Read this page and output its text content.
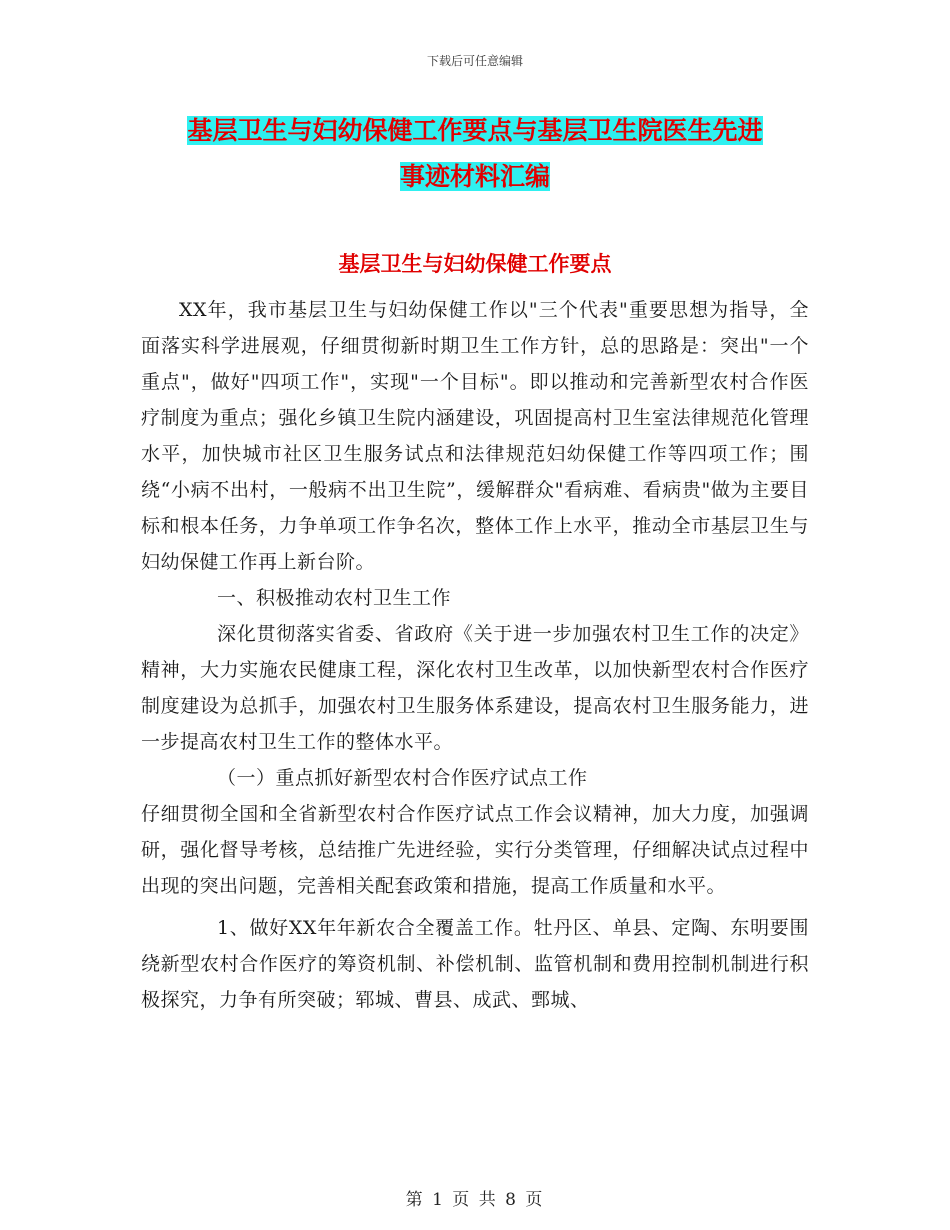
下载后可任意编辑
基层卫生与妇幼保健工作要点与基层卫生院医生先进
事迹材料汇编
基层卫生与妇幼保健工作要点

XX年，我市基层卫生与妇幼保健工作以"三个代表"重要思想为指导，全面落实科学进展观，仔细贯彻新时期卫生工作方针，总的思路是：突出"一个重点"，做好"四项工作"，实现"一个目标"。即以推动和完善新型农村合作医疗制度为重点；强化乡镇卫生院内涵建设，巩固提高村卫生室法律规范化管理水平，加快城市社区卫生服务试点和法律规范妇幼保健工作等四项工作；围绕“小病不出村，一般病不出卫生院”，缓解群众"看病难、看病贵"做为主要目标和根本任务，力争单项工作争名次，整体工作上水平，推动全市基层卫生与妇幼保健工作再上新台阶。

一、积极推动农村卫生工作

深化贯彻落实省委、省政府《关于进一步加强农村卫生工作的决定》精神，大力实施农民健康工程，深化农村卫生改革，以加快新型农村合作医疗制度建设为总抓手，加强农村卫生服务体系建设，提高农村卫生服务能力，进一步提高农村卫生工作的整体水平。

（一）重点抓好新型农村合作医疗试点工作

仔细贯彻全国和全省新型农村合作医疗试点工作会议精神，加大力度，加强调研，强化督导考核，总结推广先进经验，实行分类管理，仔细解决试点过程中出现的突出问题，完善相关配套政策和措施，提高工作质量和水平。

1、做好XX年年新农合全覆盖工作。牡丹区、单县、定陶、东明要围绕新型农村合作医疗的筹资机制、补偿机制、监管机制和费用控制机制进行积极探究，力争有所突破；郓城、曹县、成武、鄄城、

第 1 页 共 8 页
